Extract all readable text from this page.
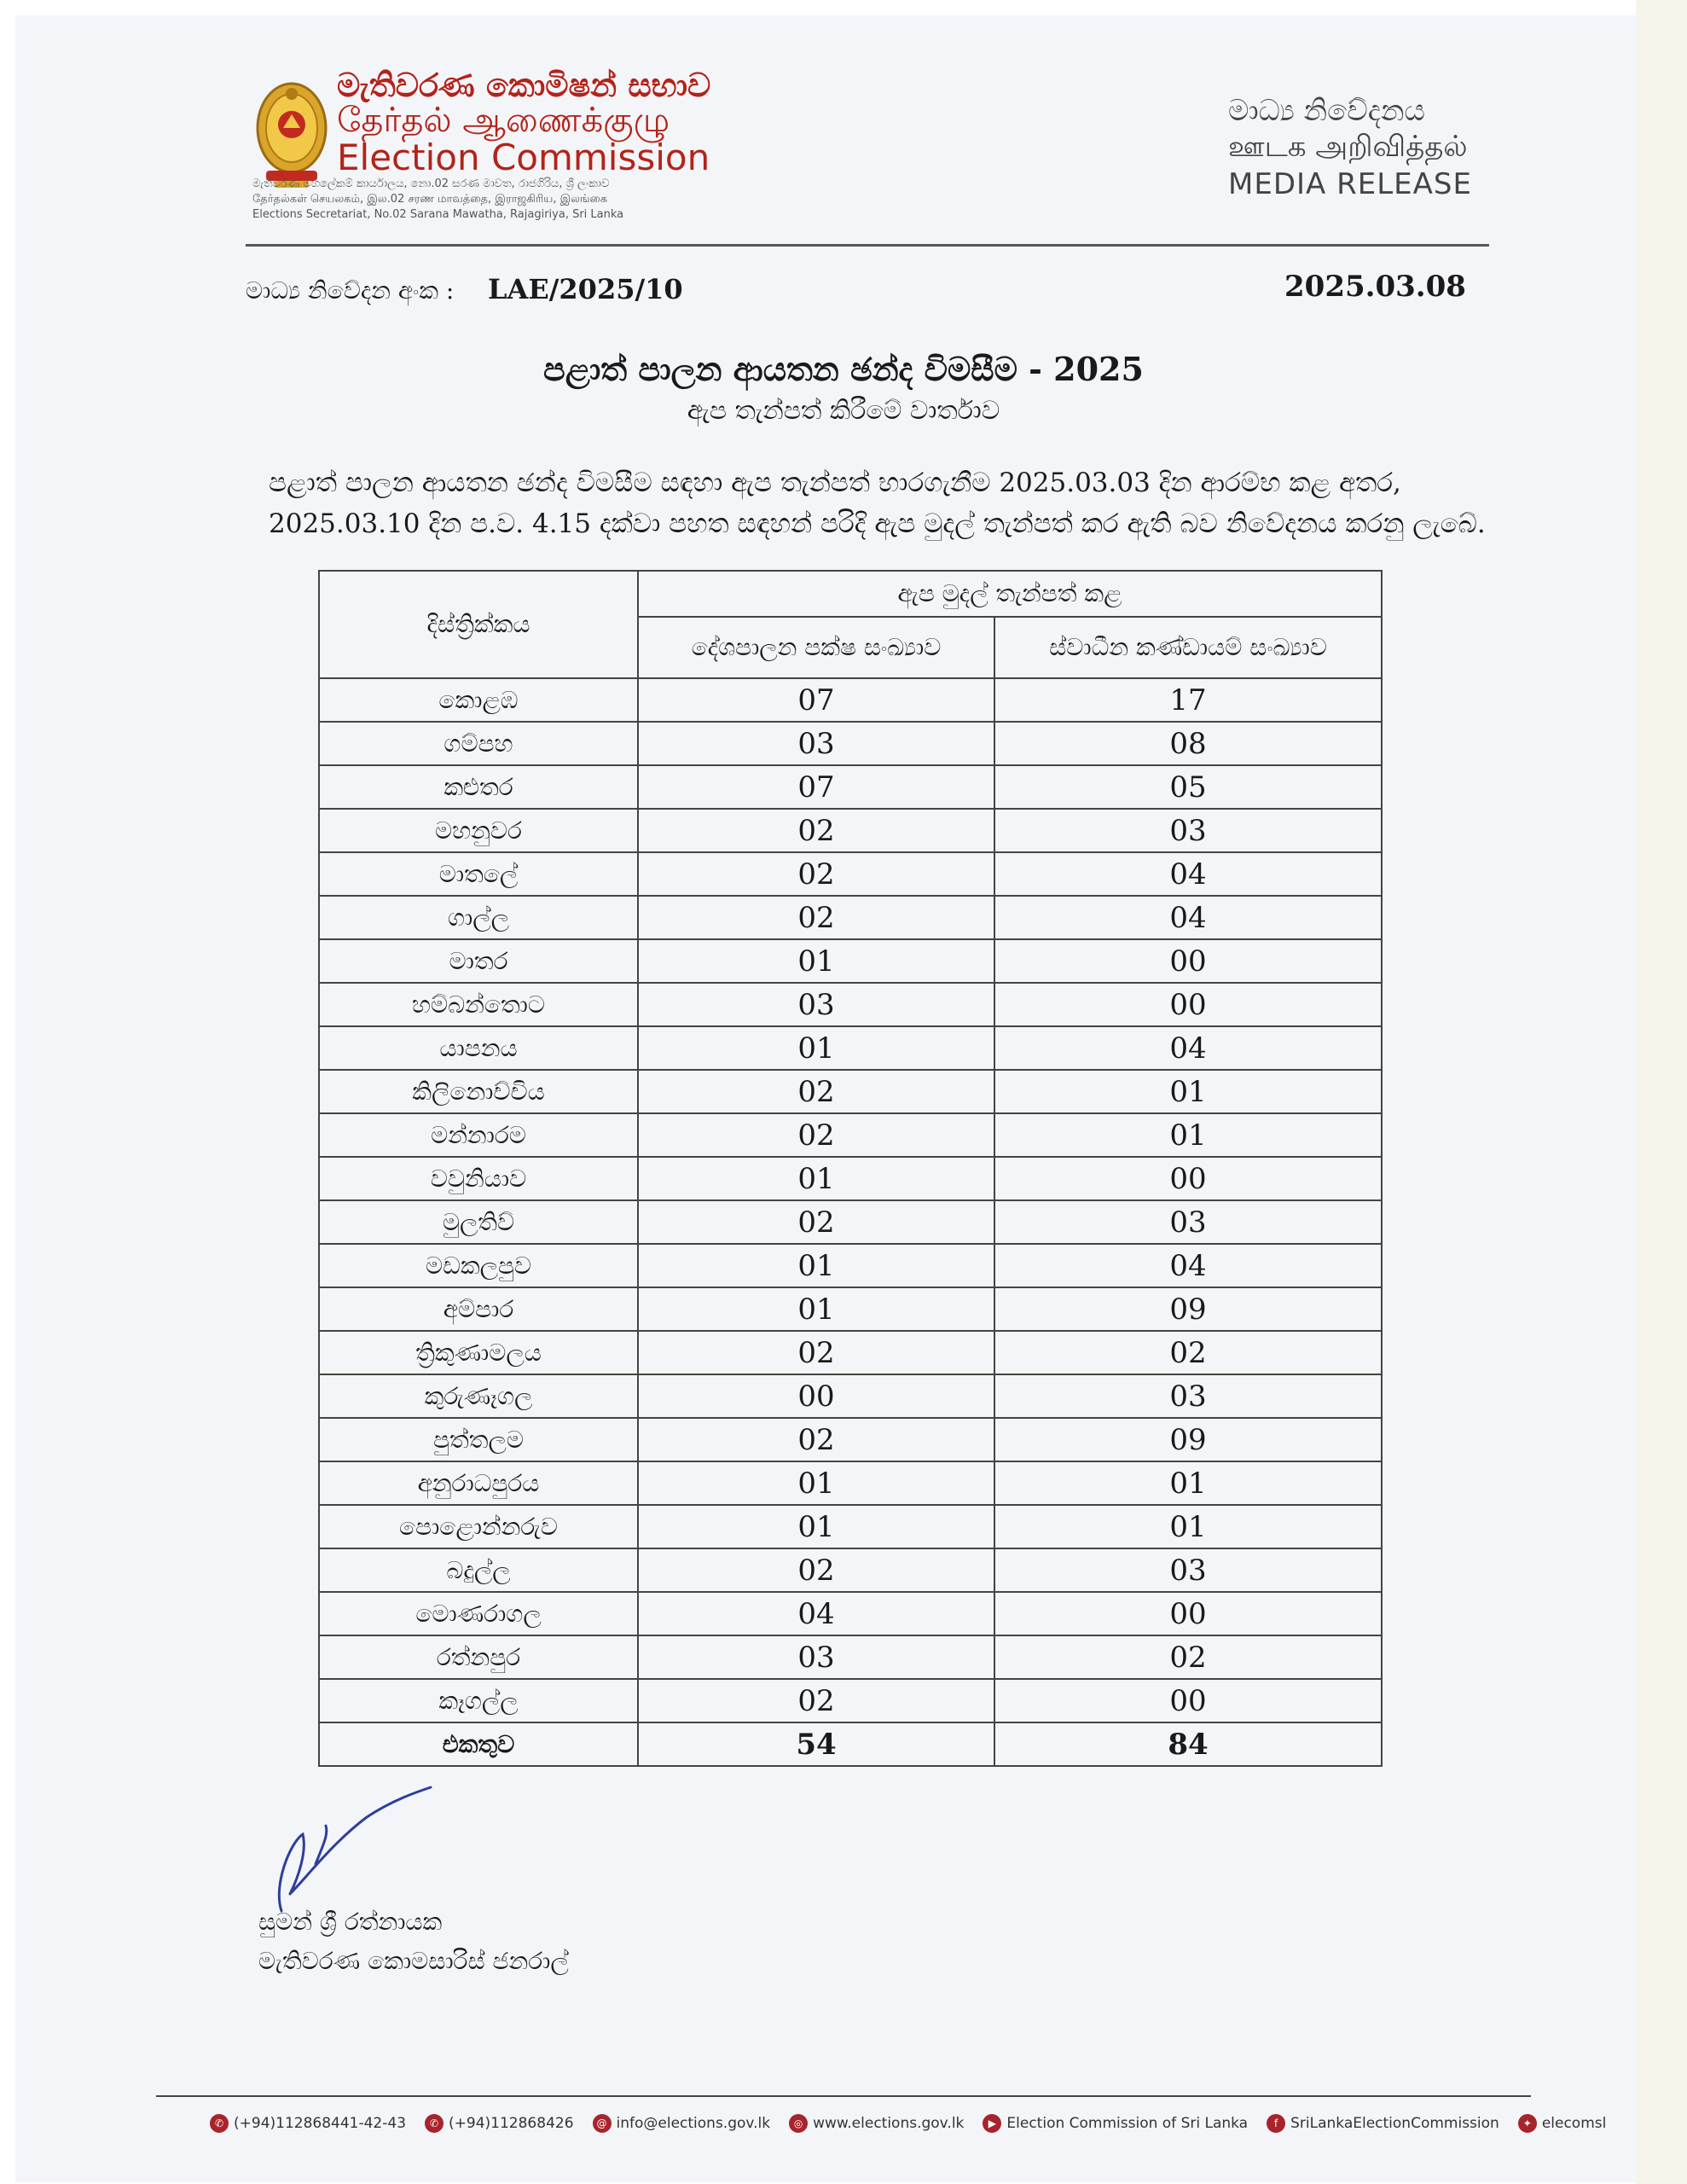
මැතිවරණ කොමිෂන් සභාව
தேர்தல் ஆணைக்குழு
Election Commission
මැතිවරණ මහලේකම් කාර්යාලය, නො.02 සරණ මාවත, රාජගිරිය, ශ්‍රී ලංකාව
தேர்தல்கள் செயலகம், இல.02 சரண மாவத்தை, இராஜகிரிய, இலங்கை
Elections Secretariat, No.02 Sarana Mawatha, Rajagiriya, Sri Lanka
මාධ්‍ය නිවේදනය
ஊடக அறிவித்தல்
MEDIA RELEASE
මාධ්‍ය නිවේදන අංක : LAE/2025/10	2025.03.08
පළාත් පාලන ආයතන ඡන්ද විමසීම - 2025
ඇප තැන්පත් කිරීමේ වාර්තාව
පළාත් පාලන ආයතන ඡන්ද විමසීම සඳහා ඇප තැන්පත් භාරගැනීම 2025.03.03 දින ආරම්භ කළ අතර,
2025.03.10 දින ප.ව. 4.15 දක්වා පහත සඳහන් පරිදි ඇප මුදල් තැන්පත් කර ඇති බව නිවේදනය කරනු ලැබේ.
දිස්ත්‍රික්කය	ඇප මුදල් තැන්පත් කළ	
	දේශපාලන පක්ෂ සංඛ්‍යාව	ස්වාධීන කණ්ඩායම් සංඛ්‍යාව
කොළඹ	07	17
ගම්පහ	03	08
කළුතර	07	05
මහනුවර	02	03
මාතලේ	02	04
ගාල්ල	02	04
මාතර	01	00
හම්බන්තොට	03	00
යාපනය	01	04
කිලිනොච්චිය	02	01
මන්නාරම	02	01
වවුනියාව	01	00
මුලතිව්	02	03
මඩකලපුව	01	04
අම්පාර	01	09
ත්‍රිකුණාමලය	02	02
කුරුණෑගල	00	03
පුත්තලම	02	09
අනුරාධපුරය	01	01
පොළොන්නරුව	01	01
බදුල්ල	02	03
මොණරාගල	04	00
රත්නපුර	03	02
කෑගල්ල	02	00
එකතුව	54	84
සුමන් ශ්‍රී රත්නායක
මැතිවරණ කොමසාරිස් ජනරාල්
✆ (+94)112868441-42-43	✆ (+94)112868426	@ info@elections.gov.lk	◎ www.elections.gov.lk	▶ Election Commission of Sri Lanka	f SriLankaElectionCommission	✦ elecomsl
